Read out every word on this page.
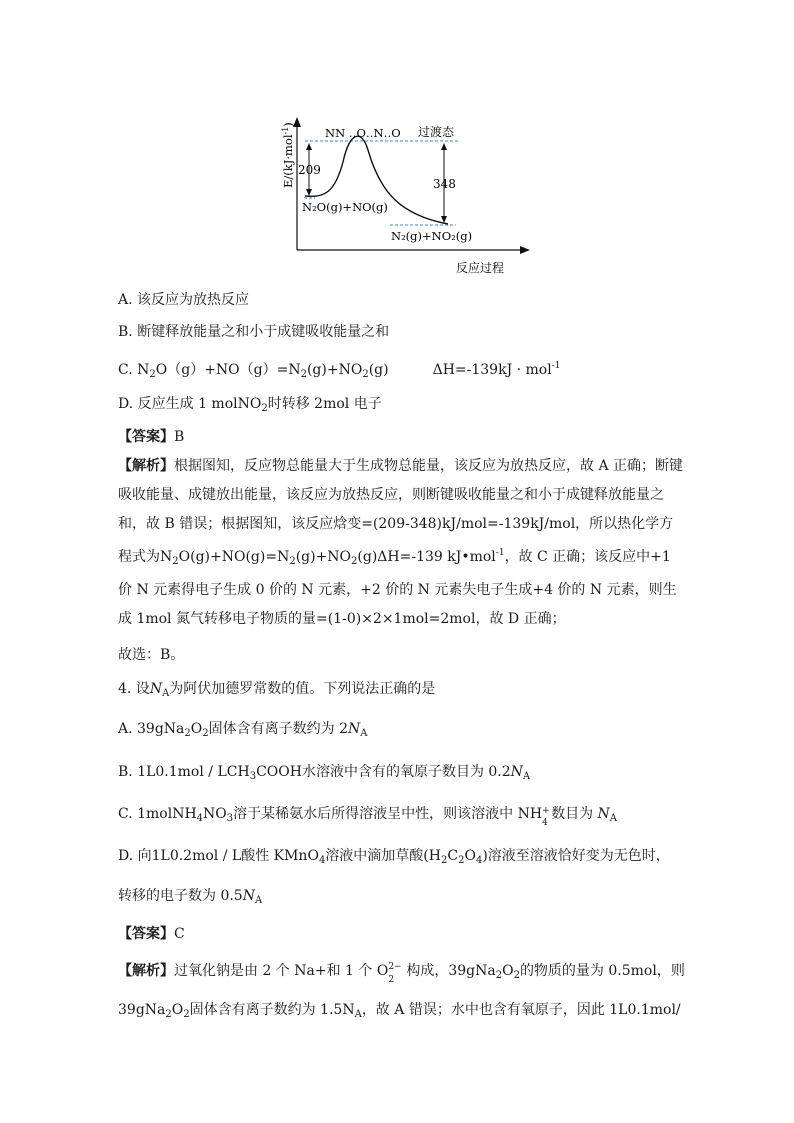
209
348
NN ‥O‥N‥O 过渡态
N₂O(g)+NO(g)
N₂(g)+NO₂(g)
反应过程
E/(kJ·mol$^{-1}$)
A. 该反应为放热反应
B. 断键释放能量之和小于成键吸收能量之和
C. $N_2O(g)+NO(g)=N_2(g)+NO_2(g)$	ΔH=-139kJ · mol$^{-1}$
D. 反应生成 1 molNO$_2$时转移 2mol 电子
【答案】B
【解析】根据图知，反应物总能量大于生成物总能量，该反应为放热反应，故 A 正确；断键吸收能量、成键放出能量，该反应为放热反应，则断键吸收能量之和小于成键释放能量之和，故 B 错误；根据图知，该反应焓变=(209-348)kJ/mol=-139kJ/mol，所以热化学方程式为$N_2O(g)+NO(g)=N_2(g)+NO_2(g)\Delta H=-139$ kJ•mol$^{-1}$，故 C 正确；该反应中+1 价 N 元素得电子生成 0 价的 N 元素，+2 价的 N 元素失电子生成+4 价的 N 元素，则生成 1mol 氮气转移电子物质的量=(1-0)×2×1mol=2mol，故 D 正确；
故选：B。
4. 设$N_A$为阿伏加德罗常数的值。下列说法正确的是
A. $39gNa_2O_2$固体含有离子数约为 $2N_A$
B. $1L0.1mol / LCH_3COOH$水溶液中含有的氧原子数目为 $0.2N_A$
C. $1molNH_4NO_3$溶于某稀氨水后所得溶液呈中性，则该溶液中 NH +
4
数目为 $N_A$
D. 向1L0.2mol / L酸性 KMnO$_4$溶液中滴加草酸$(H_2C_2O_4)$溶液至溶液恰好变为无色时，
转移的电子数为 $0.5N_A$
【答案】C
【解析】过氧化钠是由 2 个 Na+和 1 个 O 2−
2
构成，$39gNa_2O_2$的物质的量为 0.5mol，则
$39gNa_2O_2$固体含有离子数约为 $1.5N_A$，故 A 错误；水中也含有氧原子，因此 1L0.1mol/
